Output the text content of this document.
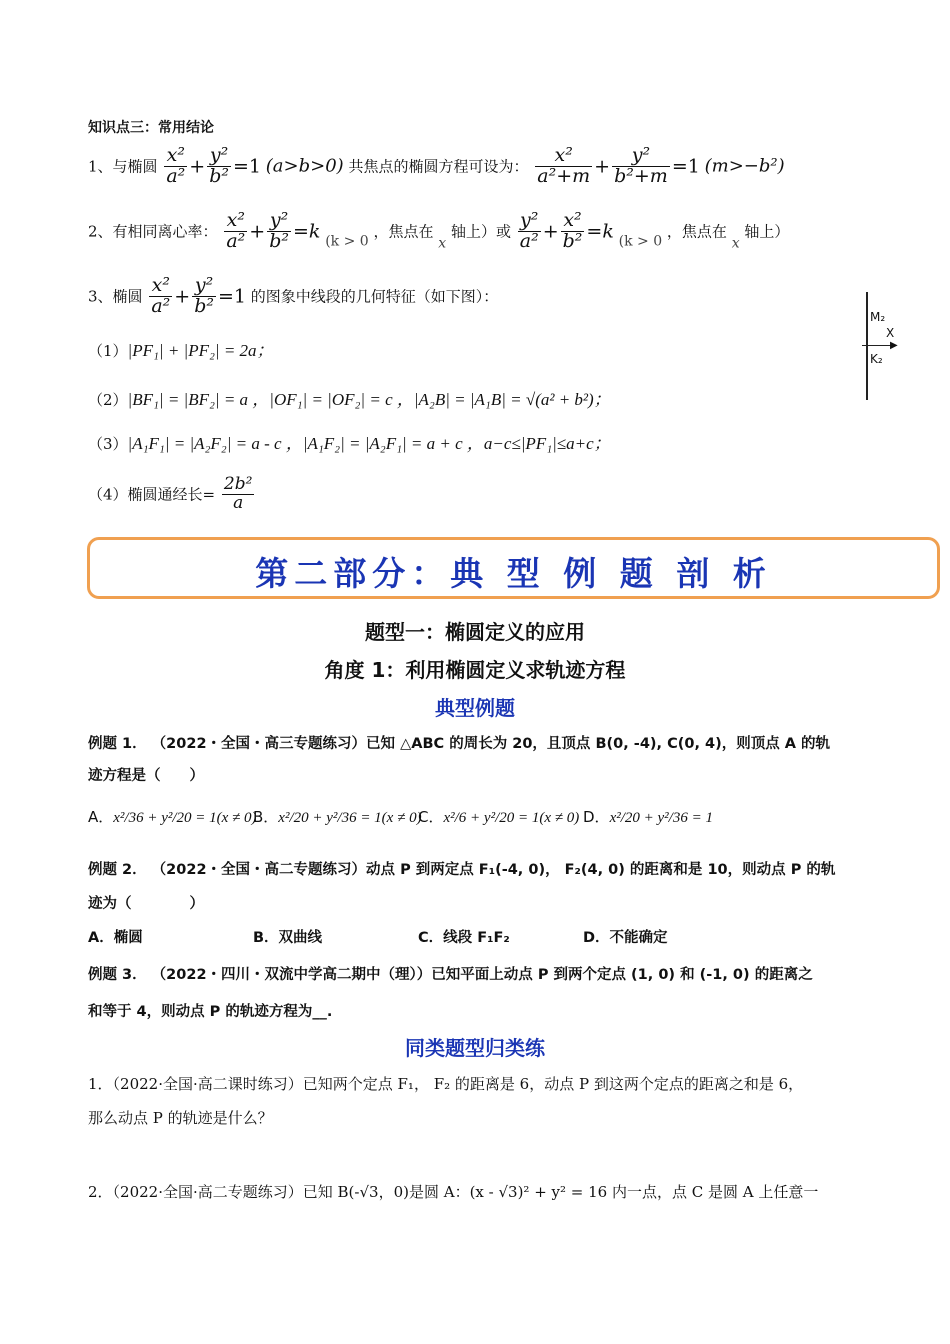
知识点三：常用结论
1、与椭圆 $\frac{\text{x²}}{\text{a²}} + \frac{\text{y²}}{\text{b²}} =1$ (a>b>0) 共焦点的椭圆方程可设为： $\frac{\text{x²}}{\text{a²+m}} + \frac{\text{y²}}{\text{b²+m}} =1$ (m>−b²)
2、有相同离心率： $\frac{\text{x²}}{\text{a²}} + \frac{\text{y²}}{\text{b²}} =k$ (k > 0 ，焦点在 x 轴上）或 $\frac{\text{y²}}{\text{a²}} + \frac{\text{x²}}{\text{b²}} =k$ (k > 0 ，焦点在 x 轴上）
3、椭圆 $\frac{\text{x²}}{\text{a²}} + \frac{\text{y²}}{\text{b²}} =1$ 的图象中线段的几何特征（如下图）：
▶
M₂
X
K₂
（1）|PF₁| + |PF₂| = 2a；
（2）|BF₁| = |BF₂| = a ，|OF₁| = |OF₂| = c ，|A₂B| = |A₁B| = √(a² + b²)；
（3）|A₁F₁| = |A₂F₂| = a - c ，|A₁F₂| = |A₂F₁| = a + c ，a−c≤|PF₁|≤a+c；
（4）椭圆通经长= $\frac{\text{2b²}}{a}$
第二部分：典 型 例 题 剖 析
题型一：椭圆定义的应用
角度 1：利用椭圆定义求轨迹方程
典型例题
例题 1． （2022・全国・高三专题练习）已知 △ABC 的周长为 20，且顶点 B(0, -4), C(0, 4)，则顶点 A 的轨
迹方程是（　　）
A．x²/36 + y²/20 = 1(x ≠ 0)
B．x²/20 + y²/36 = 1(x ≠ 0)
C．x²/6 + y²/20 = 1(x ≠ 0) D．x²/20 + y²/36 = 1
例题 2． （2022・全国・高二专题练习）动点 P 到两定点 F₁(-4, 0)， F₂(4, 0) 的距离和是 10，则动点 P 的轨
迹为（　　　　）
A．椭圆	B．双曲线	C．线段 F₁F₂	D．不能确定
例题 3． （2022・四川・双流中学高二期中（理））已知平面上动点 P 到两个定点 (1, 0) 和 (-1, 0) 的距离之
和等于 4，则动点 P 的轨迹方程为__.
同类题型归类练
1．（2022·全国·高二课时练习）已知两个定点 F₁， F₂ 的距离是 6，动点 P 到这两个定点的距离之和是 6，
那么动点 P 的轨迹是什么？
2．（2022·全国·高二专题练习）已知 B(-√3，0)是圆 A：(x - √3)² + y² = 16 内一点，点 C 是圆 A 上任意一
